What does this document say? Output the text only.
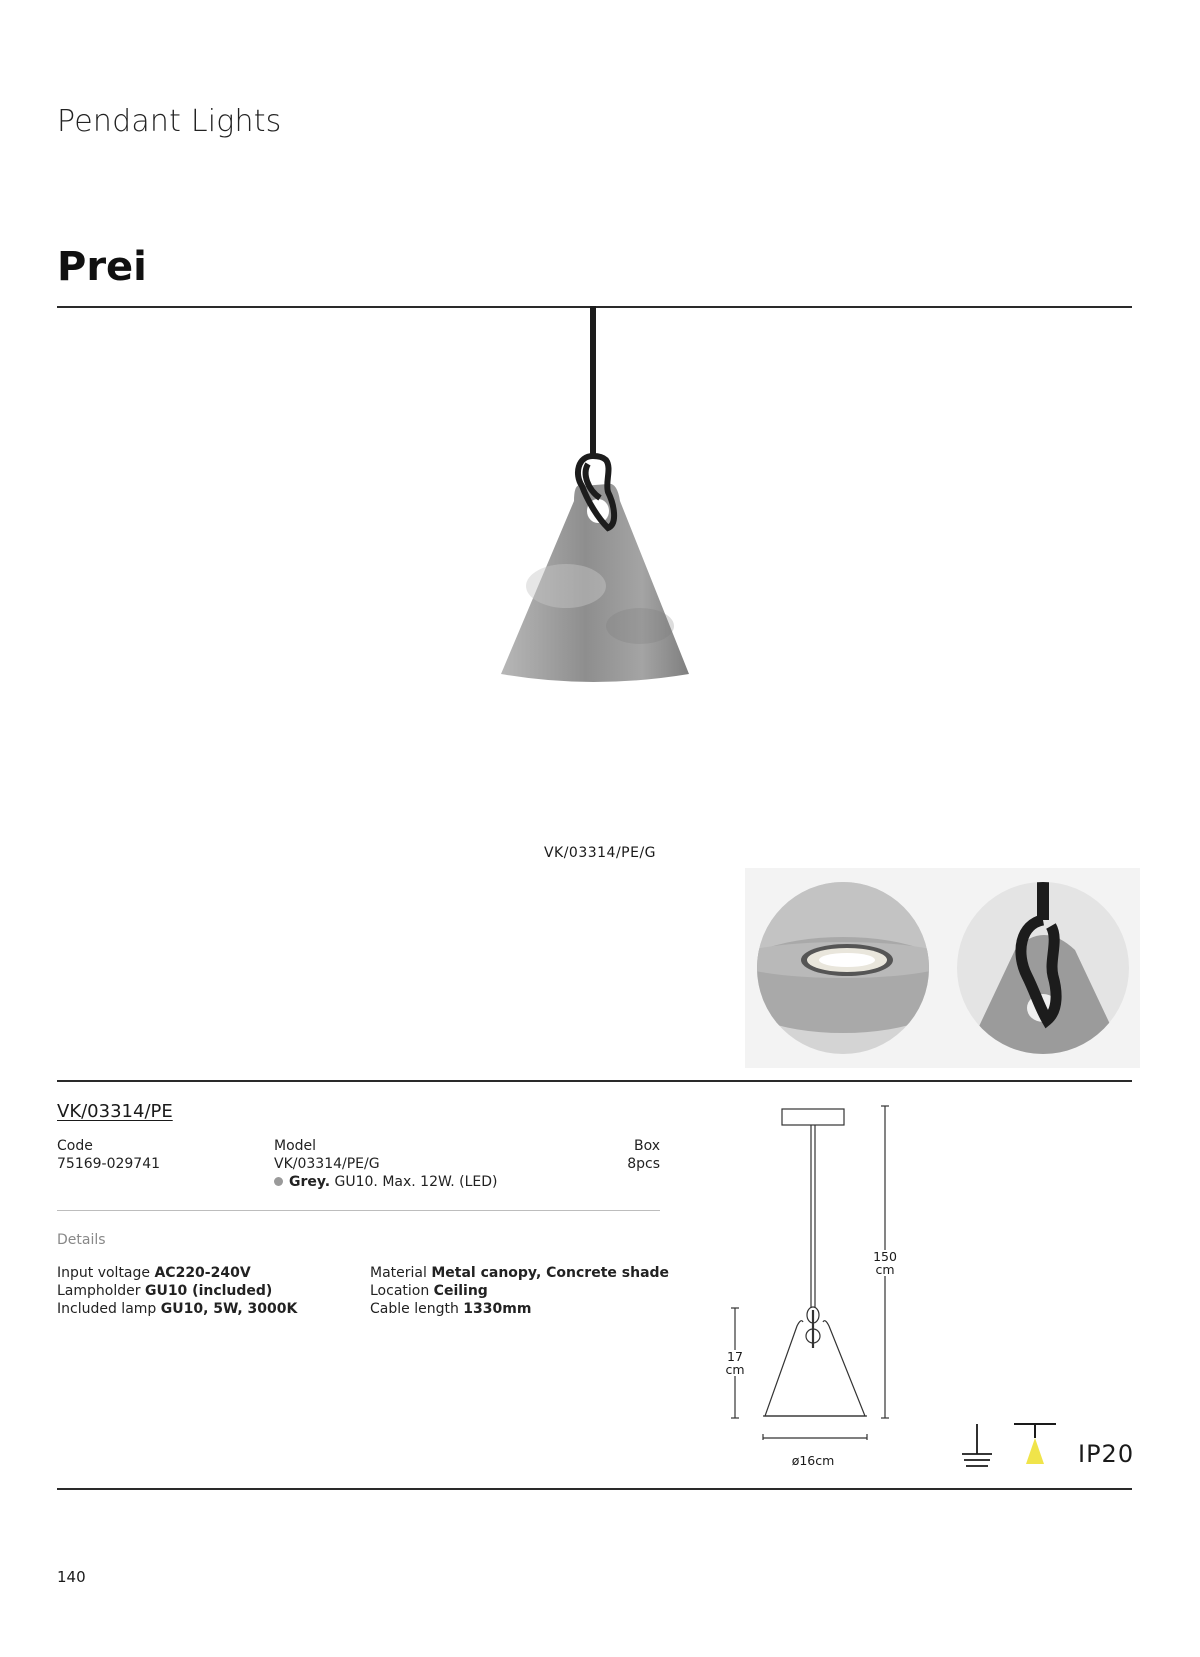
Pendant Lights
Prei
VK/03314/PE/G
VK/03314/PE
Code
75169-029741
Model
VK/03314/PE/G
Grey. GU10. Max. 12W. (LED)
Box
8pcs
Details
Input voltage AC220-240V
Lampholder GU10 (included)
Included lamp GU10, 5W, 3000K
Material Metal canopy, Concrete shade
Location Ceiling
Cable length 1330mm
150
cm
17
cm
ø16cm	IP20
140
